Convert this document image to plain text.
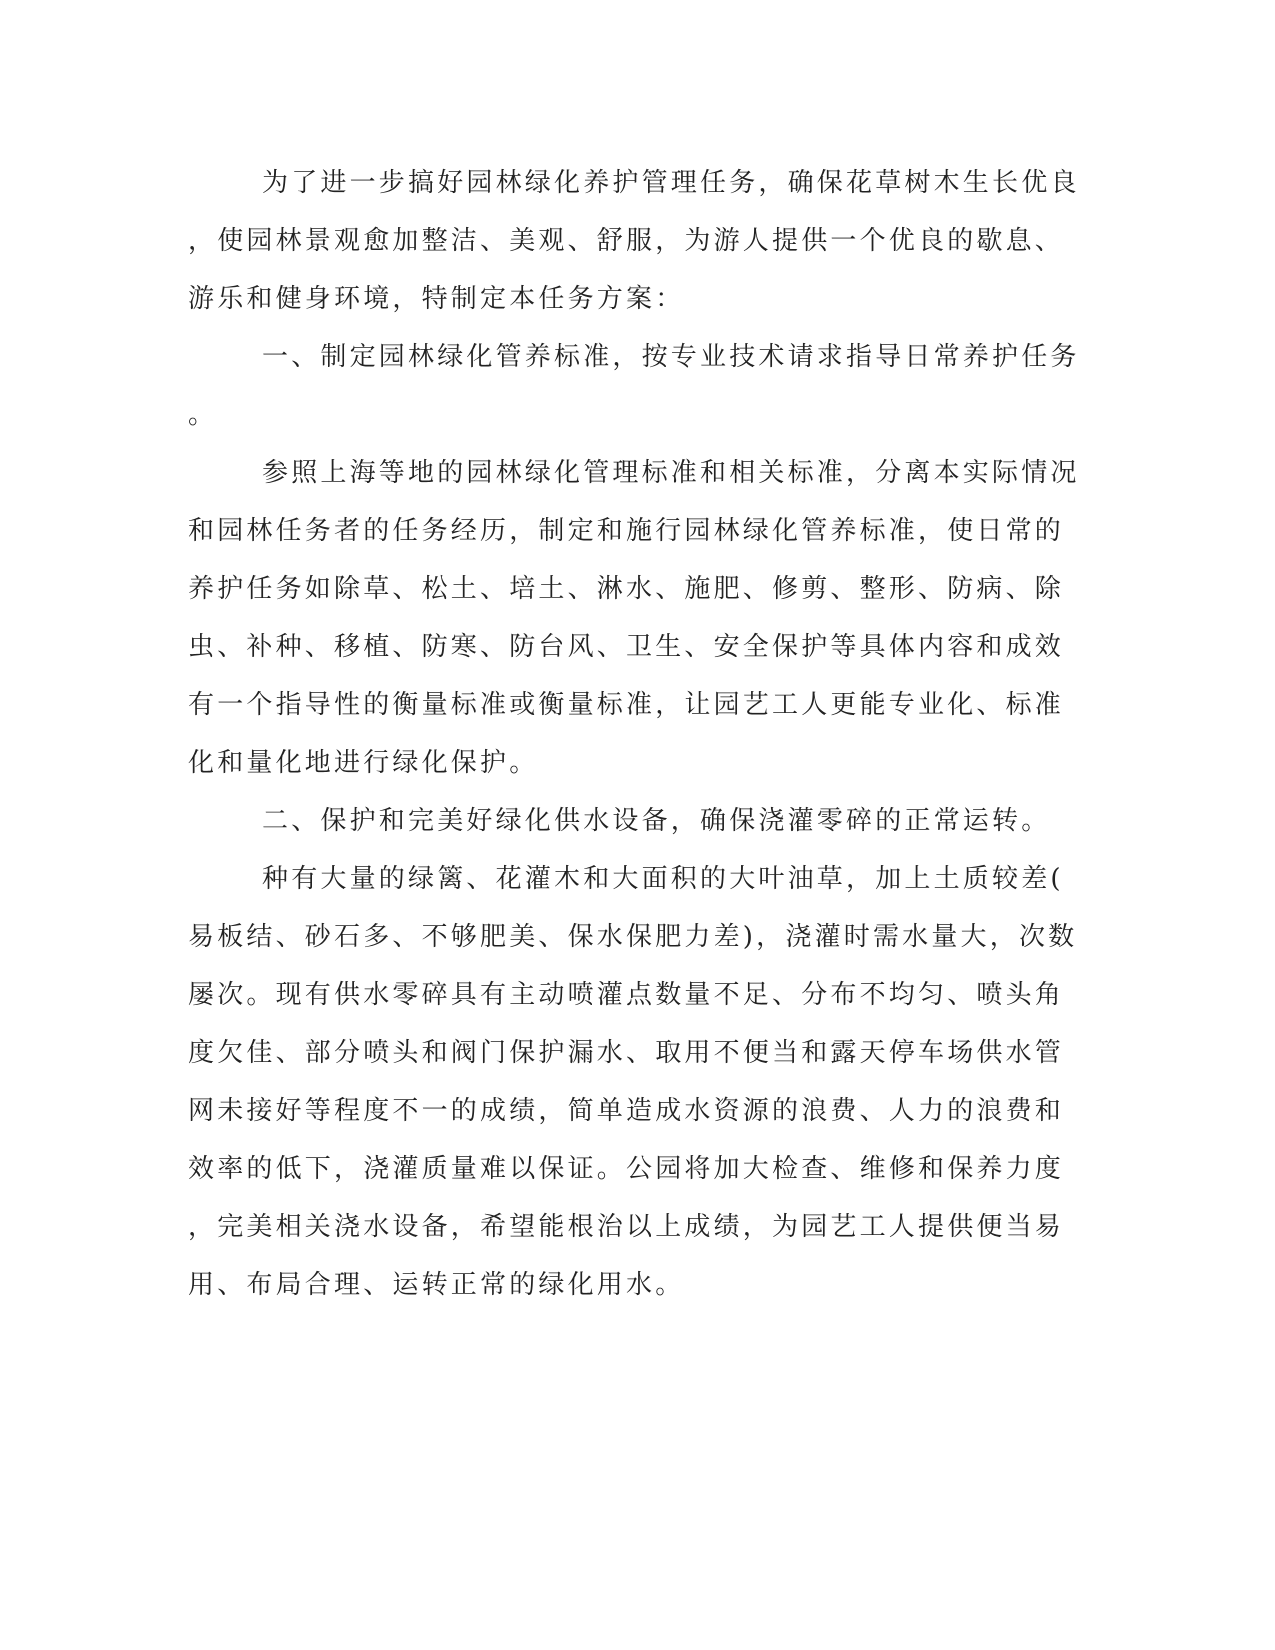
为了进一步搞好园林绿化养护管理任务，确保花草树木生长优良

，使园林景观愈加整洁、美观、舒服，为游人提供一个优良的歇息、

游乐和健身环境，特制定本任务方案：

一、制定园林绿化管养标准，按专业技术请求指导日常养护任务

。

参照上海等地的园林绿化管理标准和相关标准，分离本实际情况

和园林任务者的任务经历，制定和施行园林绿化管养标准，使日常的

养护任务如除草、松土、培土、淋水、施肥、修剪、整形、防病、除

虫、补种、移植、防寒、防台风、卫生、安全保护等具体内容和成效

有一个指导性的衡量标准或衡量标准，让园艺工人更能专业化、标准

化和量化地进行绿化保护。

二、保护和完美好绿化供水设备，确保浇灌零碎的正常运转。

种有大量的绿篱、花灌木和大面积的大叶油草，加上土质较差(

易板结、砂石多、不够肥美、保水保肥力差)，浇灌时需水量大，次数

屡次。现有供水零碎具有主动喷灌点数量不足、分布不均匀、喷头角

度欠佳、部分喷头和阀门保护漏水、取用不便当和露天停车场供水管

网未接好等程度不一的成绩，简单造成水资源的浪费、人力的浪费和

效率的低下，浇灌质量难以保证。公园将加大检查、维修和保养力度

，完美相关浇水设备，希望能根治以上成绩，为园艺工人提供便当易

用、布局合理、运转正常的绿化用水。
